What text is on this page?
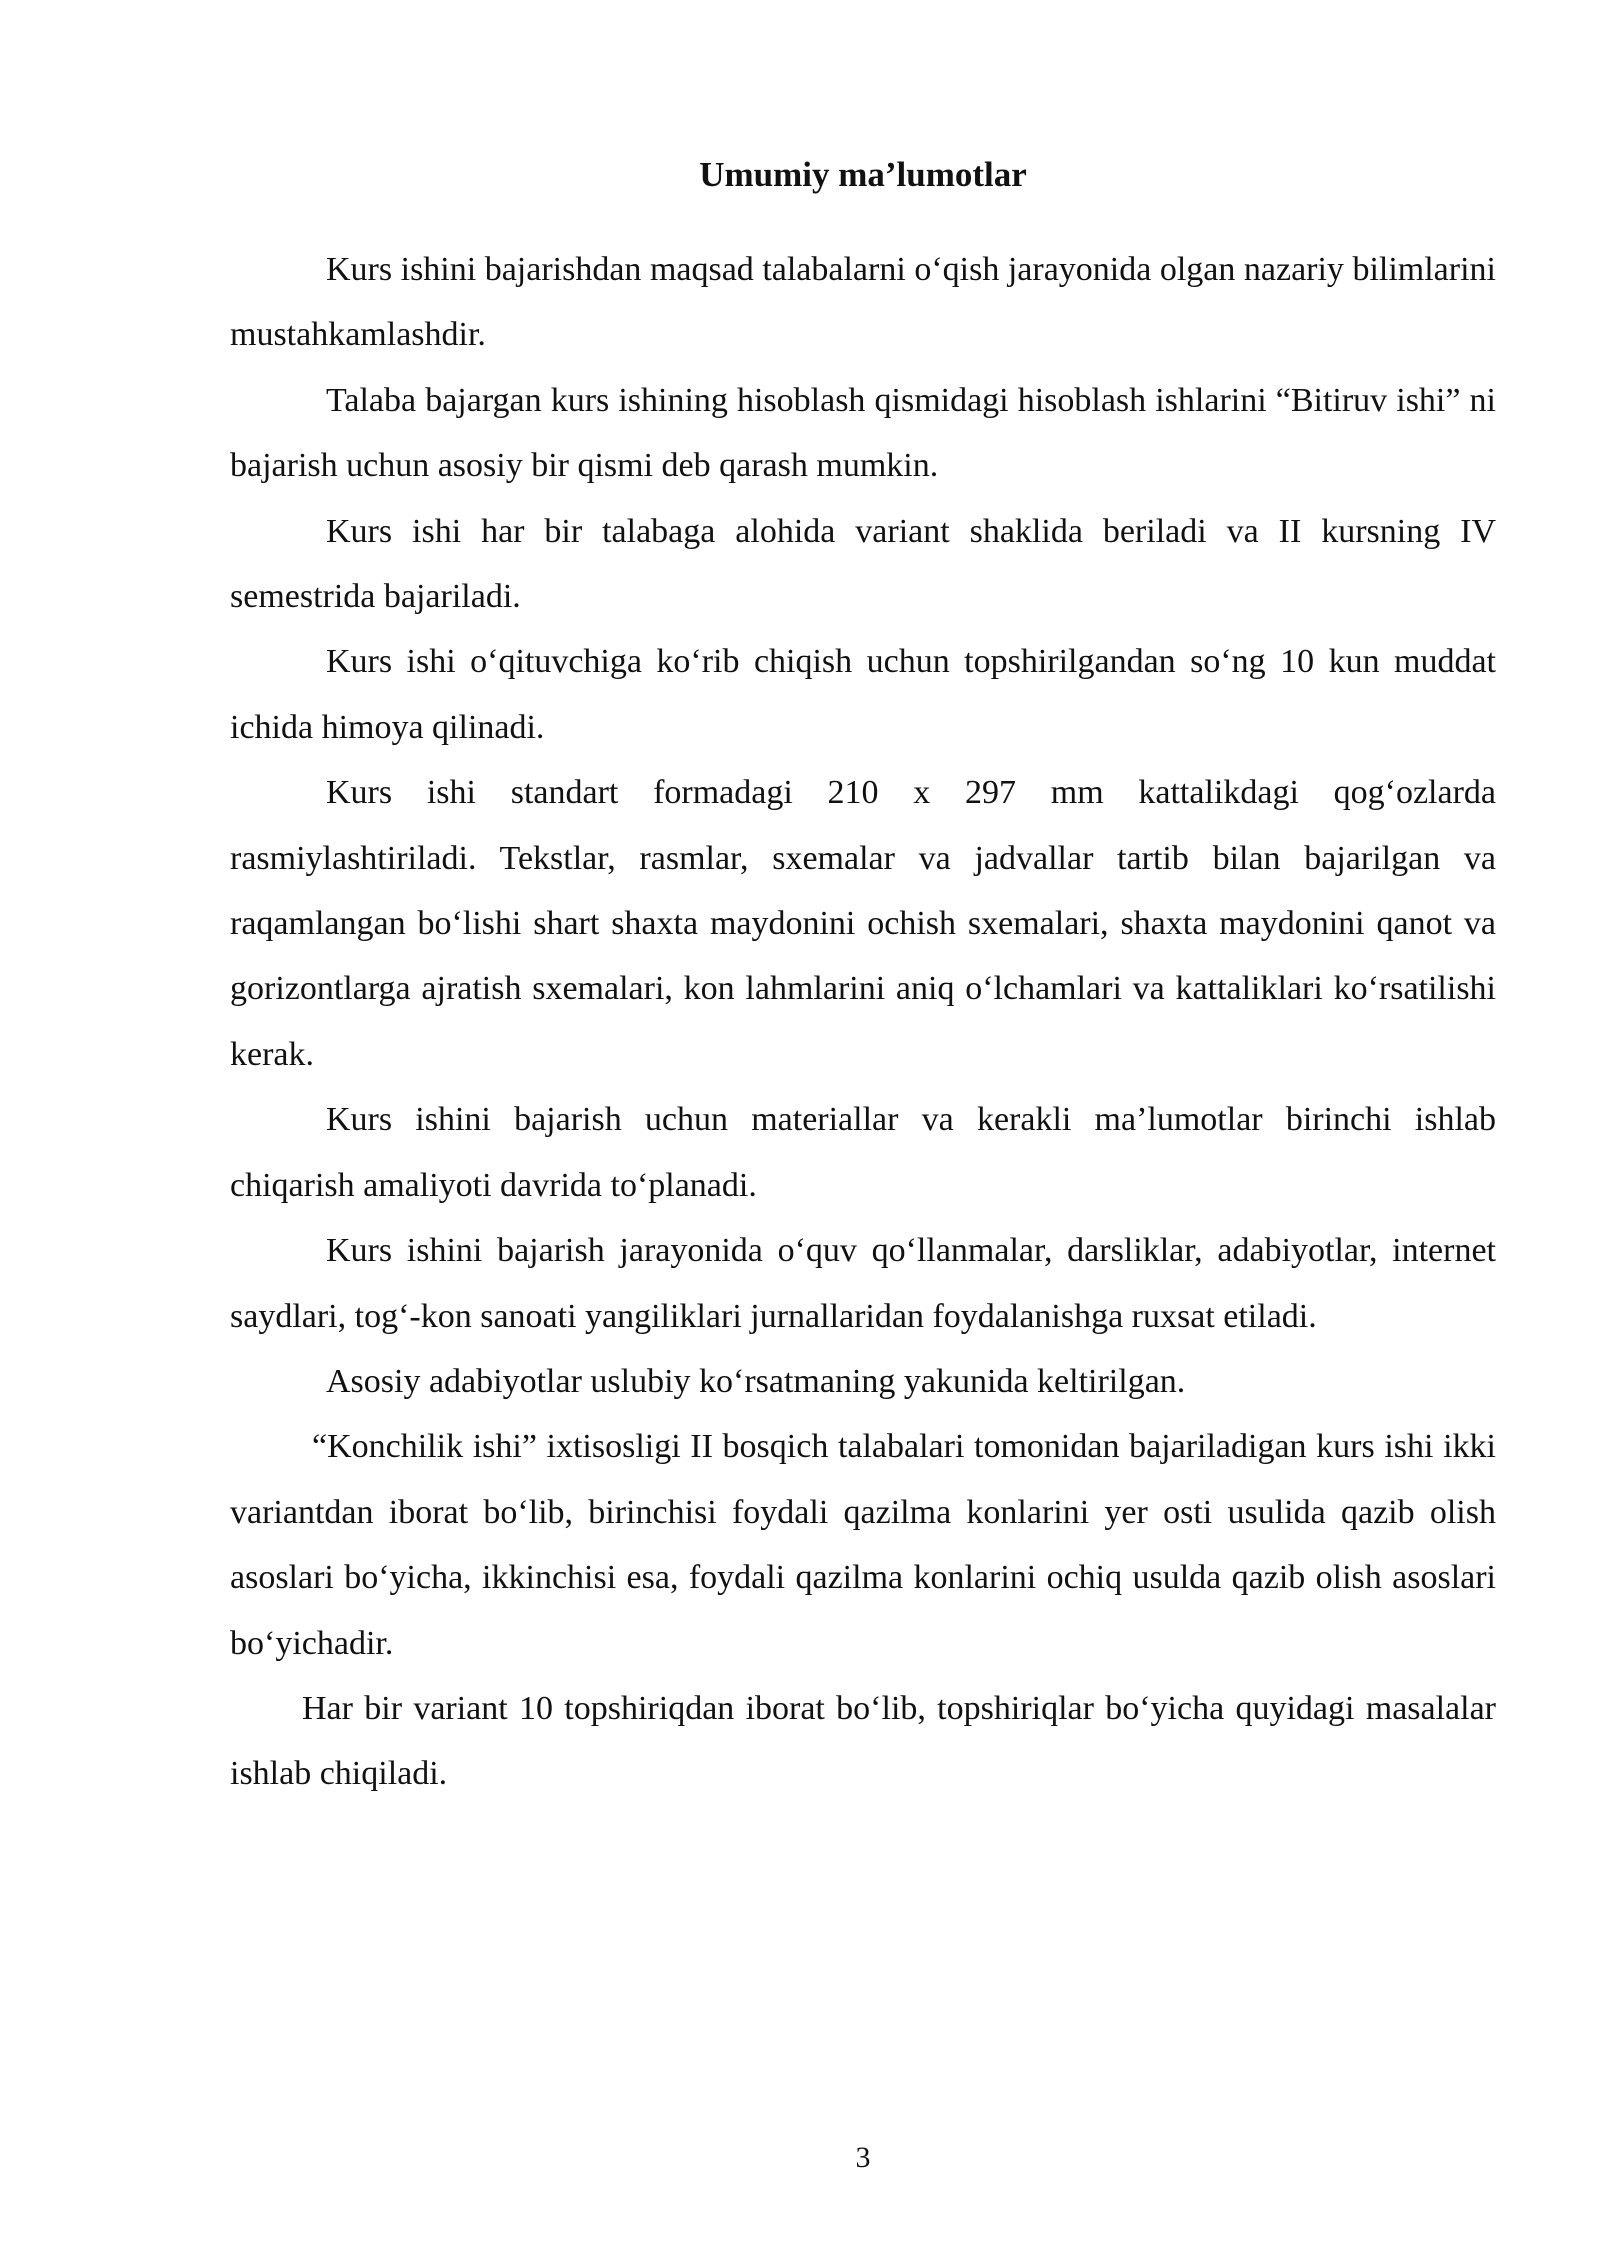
Umumiy ma’lumotlar

Kurs ishini bajarishdan maqsad talabalarni o‘qish jarayonida olgan nazariy bilimlarini mustahkamlashdir.

Talaba bajargan kurs ishining hisoblash qismidagi hisoblash ishlarini “Bitiruv ishi” ni bajarish uchun asosiy bir qismi deb qarash mumkin.

Kurs ishi har bir talabaga alohida variant shaklida beriladi va II kursning IV semestrida bajariladi.

Kurs ishi o‘qituvchiga ko‘rib chiqish uchun topshirilgandan so‘ng 10 kun muddat ichida himoya qilinadi.

Kurs ishi standart formadagi 210 x 297 mm kattalikdagi qog‘ozlarda rasmiylashtiriladi. Tekstlar, rasmlar, sxemalar va jadvallar tartib bilan bajarilgan va raqamlangan bo‘lishi shart shaxta maydonini ochish sxemalari, shaxta maydonini qanot va gorizontlarga ajratish sxemalari, kon lahmlarini aniq o‘lchamlari va kattaliklari ko‘rsatilishi kerak.

Kurs ishini bajarish uchun materiallar va kerakli ma’lumotlar birinchi ishlab chiqarish amaliyoti davrida to‘planadi.

Kurs ishini bajarish jarayonida o‘quv qo‘llanmalar, darsliklar, adabiyotlar, internet saydlari, tog‘-kon sanoati yangiliklari jurnallaridan foydalanishga ruxsat etiladi.

Asosiy adabiyotlar uslubiy ko‘rsatmaning yakunida keltirilgan.

“Konchilik ishi” ixtisosligi II bosqich talabalari tomonidan bajariladigan kurs ishi ikki variantdan iborat bo‘lib, birinchisi foydali qazilma konlarini yer osti usulida qazib olish asoslari bo‘yicha, ikkinchisi esa, foydali qazilma konlarini ochiq usulda qazib olish asoslari bo‘yichadir.

Har bir variant 10 topshiriqdan iborat bo‘lib, topshiriqlar bo‘yicha quyidagi masalalar ishlab chiqiladi.

3
